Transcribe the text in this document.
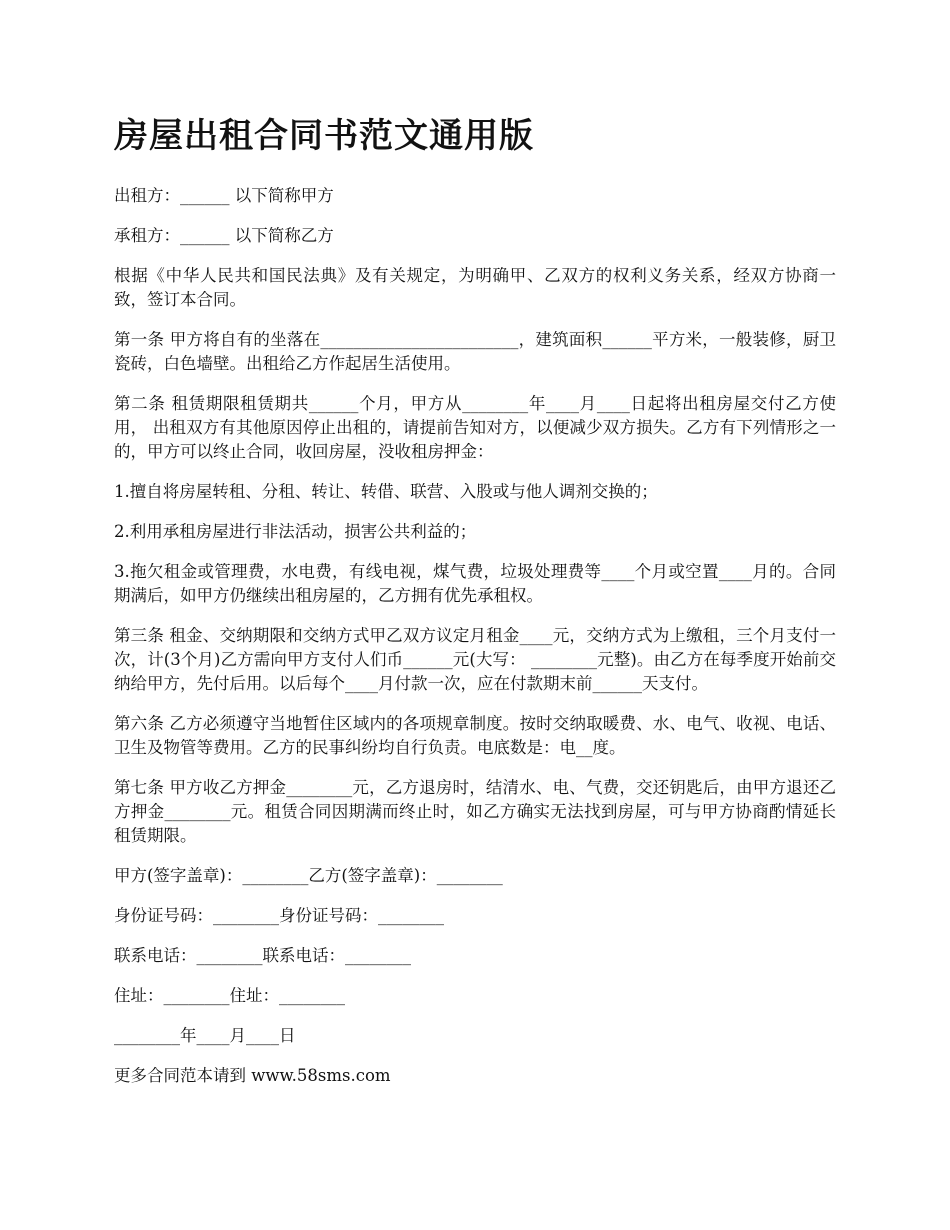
房屋出租合同书范文通用版

出租方：______ 以下简称甲方

承租方：______ 以下简称乙方

根据《中华人民共和国民法典》及有关规定，为明确甲、乙双方的权利义务关系，经双方协商一致，签订本合同。

第一条 甲方将自有的坐落在________________________，建筑面积______平方米，一般装修，厨卫瓷砖，白色墙壁。出租给乙方作起居生活使用。

第二条 租赁期限租赁期共______个月，甲方从________年____月____日起将出租房屋交付乙方使用， 出租双方有其他原因停止出租的，请提前告知对方，以便减少双方损失。乙方有下列情形之一的，甲方可以终止合同，收回房屋，没收租房押金：

1.擅自将房屋转租、分租、转让、转借、联营、入股或与他人调剂交换的；

2.利用承租房屋进行非法活动，损害公共利益的；

3.拖欠租金或管理费，水电费，有线电视，煤气费，垃圾处理费等____个月或空置____月的。合同期满后，如甲方仍继续出租房屋的，乙方拥有优先承租权。

第三条 租金、交纳期限和交纳方式甲乙双方议定月租金____元，交纳方式为上缴租，三个月支付一次，计(3个月)乙方需向甲方支付人们币______元(大写： ________元整)。由乙方在每季度开始前交纳给甲方，先付后用。以后每个____月付款一次，应在付款期末前______天支付。

第六条 乙方必须遵守当地暂住区域内的各项规章制度。按时交纳取暖费、水、电气、收视、电话、卫生及物管等费用。乙方的民事纠纷均自行负责。电底数是：电__度。

第七条 甲方收乙方押金________元，乙方退房时，结清水、电、气费，交还钥匙后，由甲方退还乙方押金________元。租赁合同因期满而终止时，如乙方确实无法找到房屋，可与甲方协商酌情延长租赁期限。

甲方(签字盖章)：________乙方(签字盖章)：________

身份证号码：________身份证号码：________

联系电话：________联系电话：________

住址：________住址：________

________年____月____日

更多合同范本请到 www.58sms.com
